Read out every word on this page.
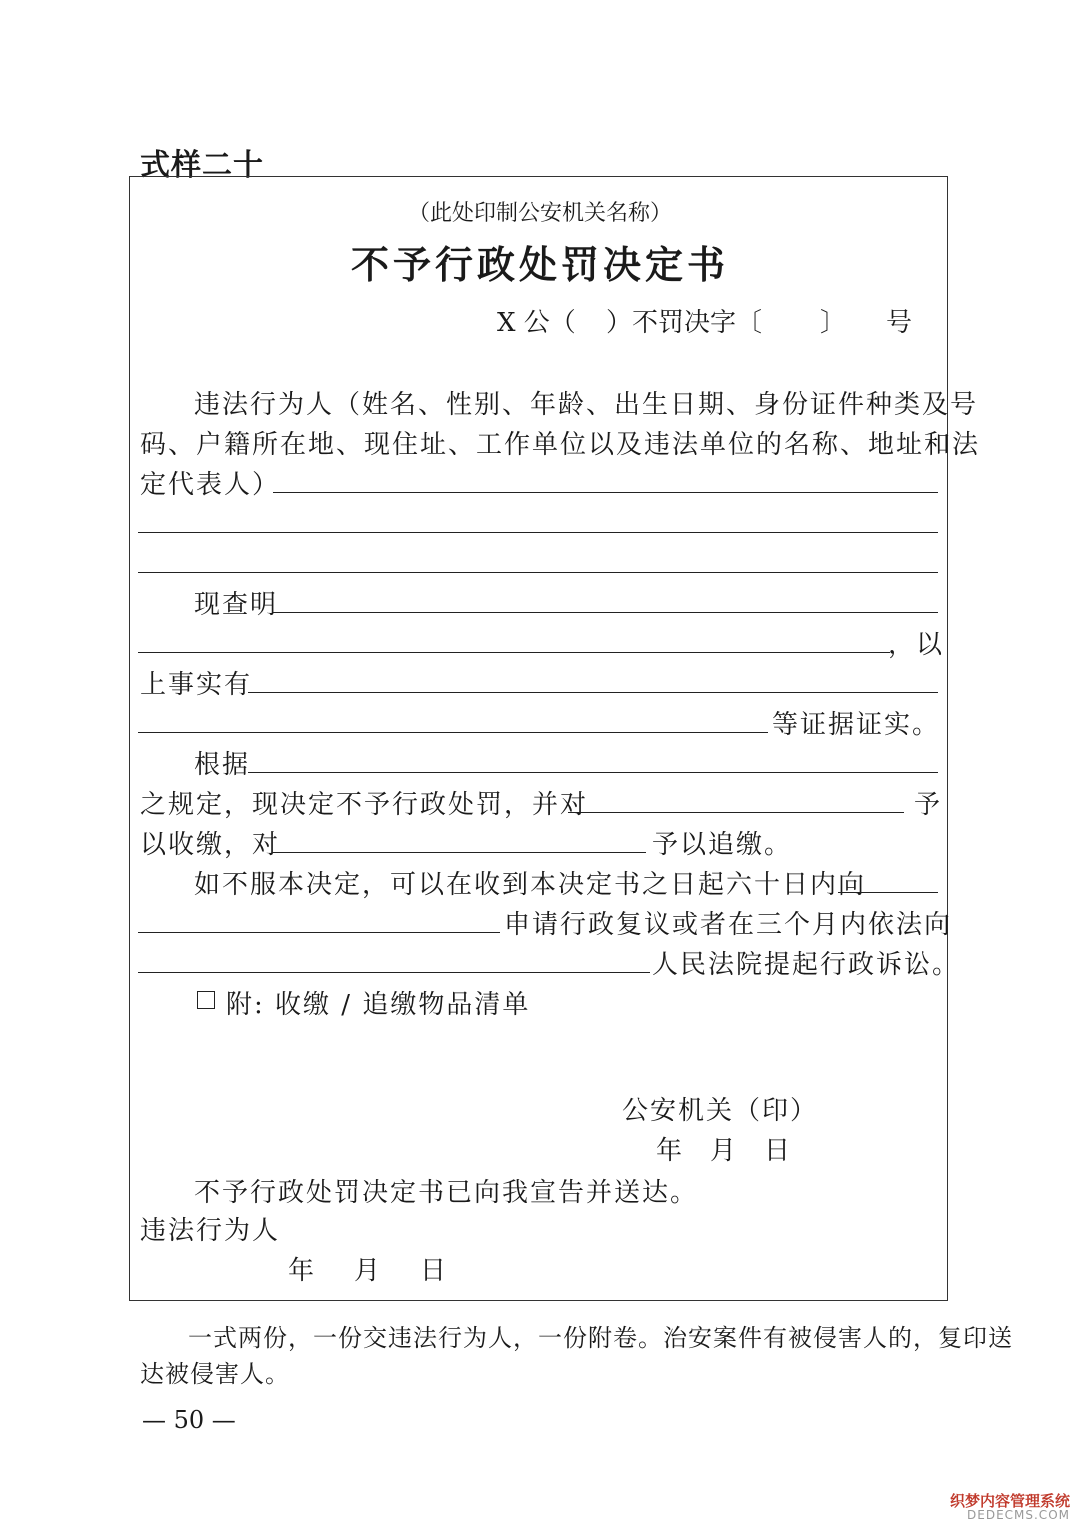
式样二十
（此处印制公安机关名称）
不予行政处罚决定书
X 公（ ）不罚决字〔 〕 号
违法行为人（姓名、性别、年龄、出生日期、身份证件种类及号
码、户籍所在地、现住址、工作单位以及违法单位的名称、地址和法
定代表人）
现查明
，以
上事实有
等证据证实。
根据
之规定，现决定不予行政处罚，并对	予
以收缴，对	予以追缴。
如不服本决定，可以在收到本决定书之日起六十日内向
申请行政复议或者在三个月内依法向
人民法院提起行政诉讼。
附: 收缴 / 追缴物品清单
公安机关（印）
年 月 日
不予行政处罚决定书已向我宣告并送达。
违法行为人
年 月 日
一式两份，一份交违法行为人，一份附卷。治安案件有被侵害人的，复印送
达被侵害人。
— 50 —
织梦内容管理系统
DEDECMS.COM
